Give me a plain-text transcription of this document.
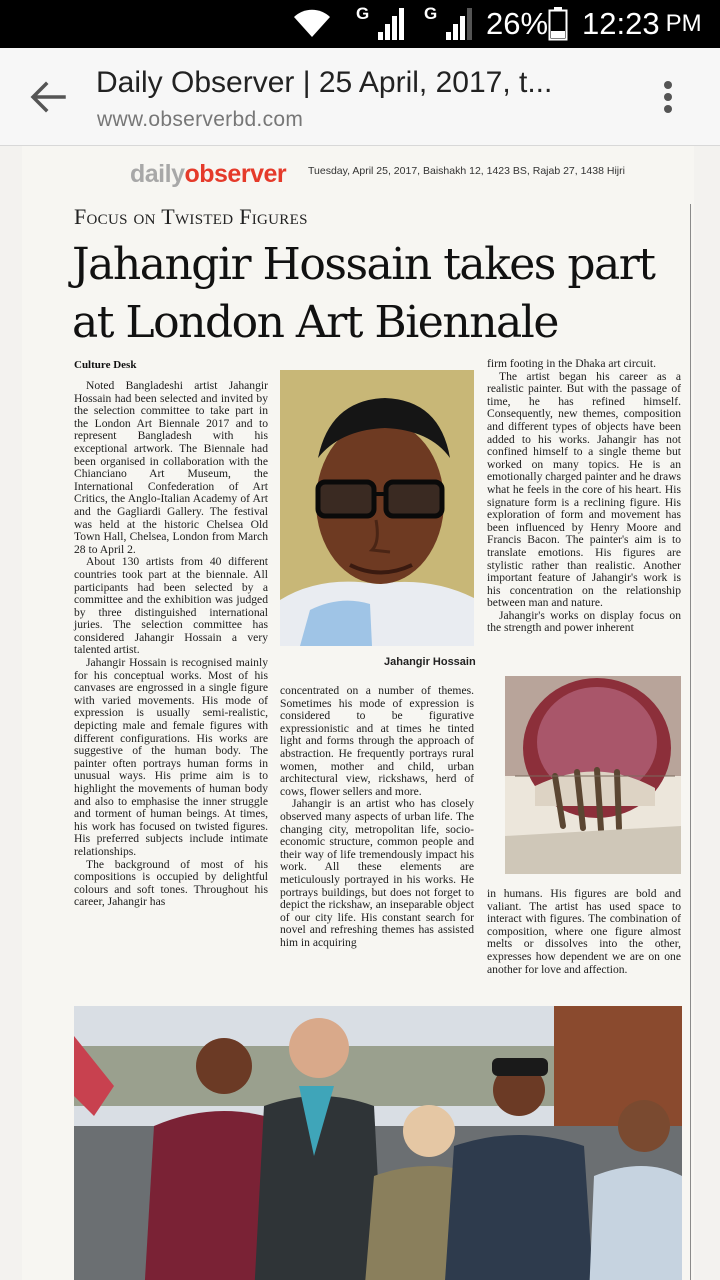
G	G 26% 12:23 PM
Daily Observer | 25 April, 2017, t...
www.observerbd.com
dailyobserver Tuesday, April 25, 2017, Baishakh 12, 1423 BS, Rajab 27, 1438 Hijri
Focus on Twisted Figures
Jahangir Hossain takes part at London Art Biennale
Culture Desk

Noted Bangladeshi artist Jahangir Hossain had been selected and invited by the selection committee to take part in the London Art Biennale 2017 and to represent Bangladesh with his exceptional artwork. The Biennale had been organised in collaboration with the Chianciano Art Museum, the International Confederation of Art Critics, the Anglo-Italian Academy of Art and the Gagliardi Gallery. The festival was held at the historic Chelsea Old Town Hall, Chelsea, London from March 28 to April 2.

About 130 artists from 40 different countries took part at the biennale. All participants had been selected by a committee and the exhibition was judged by three distinguished international juries. The selection committee has considered Jahangir Hossain a very talented artist.

Jahangir Hossain is recognised mainly for his conceptual works. Most of his canvases are engrossed in a single figure with varied movements. His mode of expression is usually semi-realistic, depicting male and female figures with different configurations. His works are suggestive of the human body. The painter often portrays human forms in unusual ways. His prime aim is to highlight the movements of human body and also to emphasise the inner struggle and torment of human beings. At times, his work has focused on twisted figures. His preferred subjects include intimate relationships.

The background of most of his compositions is occupied by delightful colours and soft tones. Throughout his career, Jahangir has

Jahangir Hossain

concentrated on a number of themes. Sometimes his mode of expression is considered to be figurative expressionistic and at times he tinted light and forms through the approach of abstraction. He frequently portrays rural women, mother and child, urban architectural view, rickshaws, herd of cows, flower sellers and more.

Jahangir is an artist who has closely observed many aspects of urban life. The changing city, metropolitan life, socio-economic structure, common people and their way of life tremendously impact his work. All these elements are meticulously portrayed in his works. He portrays buildings, but does not forget to depict the rickshaw, an inseparable object of our city life. His constant search for novel and refreshing themes has assisted him in acquiring

firm footing in the Dhaka art circuit.

The artist began his career as a realistic painter. But with the passage of time, he has refined himself. Consequently, new themes, composition and different types of objects have been added to his works. Jahangir has not confined himself to a single theme but worked on many topics. He is an emotionally charged painter and he draws what he feels in the core of his heart. His signature form is a reclining figure. His exploration of form and movement has been influenced by Henry Moore and Francis Bacon. The painter's aim is to translate emotions. His figures are stylistic rather than realistic. Another important feature of Jahangir's work is his concentration on the relationship between man and nature.

Jahangir's works on display focus on the strength and power inherent

in humans. His figures are bold and valiant. The artist has used space to interact with figures. The combination of composition, where one figure almost melts or dissolves into the other, expresses how dependent we are on one another for love and affection.
